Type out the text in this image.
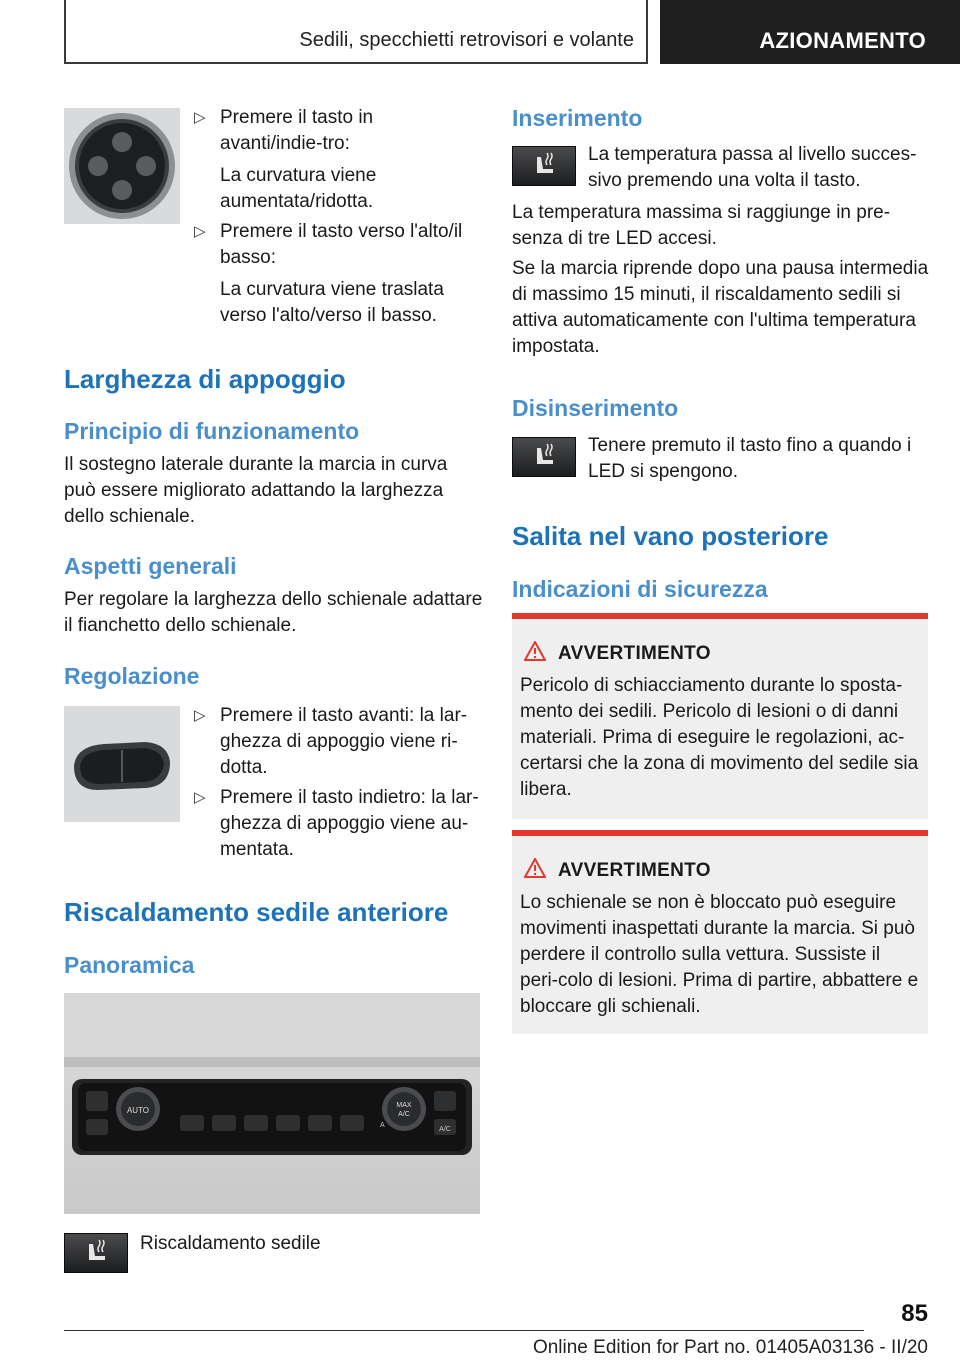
Sedili, specchietti retrovisori e volante	AZIONAMENTO
▷ Premere il tasto in avanti/indie-tro:
La curvatura viene aumentata/ridotta.
▷ Premere il tasto verso l'alto/il basso:
La curvatura viene traslata verso l'alto/verso il basso.
Larghezza di appoggio
Principio di funzionamento
Il sostegno laterale durante la marcia in curva può essere migliorato adattando la larghezza dello schienale.
Aspetti generali
Per regolare la larghezza dello schienale adattare il fianchetto dello schienale.
Regolazione
▷ Premere il tasto avanti: la lar-ghezza di appoggio viene ri-dotta.
▷ Premere il tasto indietro: la lar-ghezza di appoggio viene au-mentata.
Riscaldamento sedile anteriore
Panoramica
AUTO
MAX
A/C
A
A/C
Riscaldamento sedile
Inserimento
La temperatura passa al livello succes-sivo premendo una volta il tasto.
La temperatura massima si raggiunge in pre-senza di tre LED accesi.
Se la marcia riprende dopo una pausa intermedia di massimo 15 minuti, il riscaldamento sedili si attiva automaticamente con l'ultima temperatura impostata.
Disinserimento
Tenere premuto il tasto fino a quando i LED si spengono.
Salita nel vano posteriore
Indicazioni di sicurezza
AVVERTIMENTO
Pericolo di schiacciamento durante lo sposta-mento dei sedili. Pericolo di lesioni o di danni materiali. Prima di eseguire le regolazioni, ac-certarsi che la zona di movimento del sedile sia libera.
AVVERTIMENTO
Lo schienale se non è bloccato può eseguire movimenti inaspettati durante la marcia. Si può perdere il controllo sulla vettura. Sussiste il peri-colo di lesioni. Prima di partire, abbattere e bloccare gli schienali.
85
Online Edition for Part no. 01405A03136 - II/20
